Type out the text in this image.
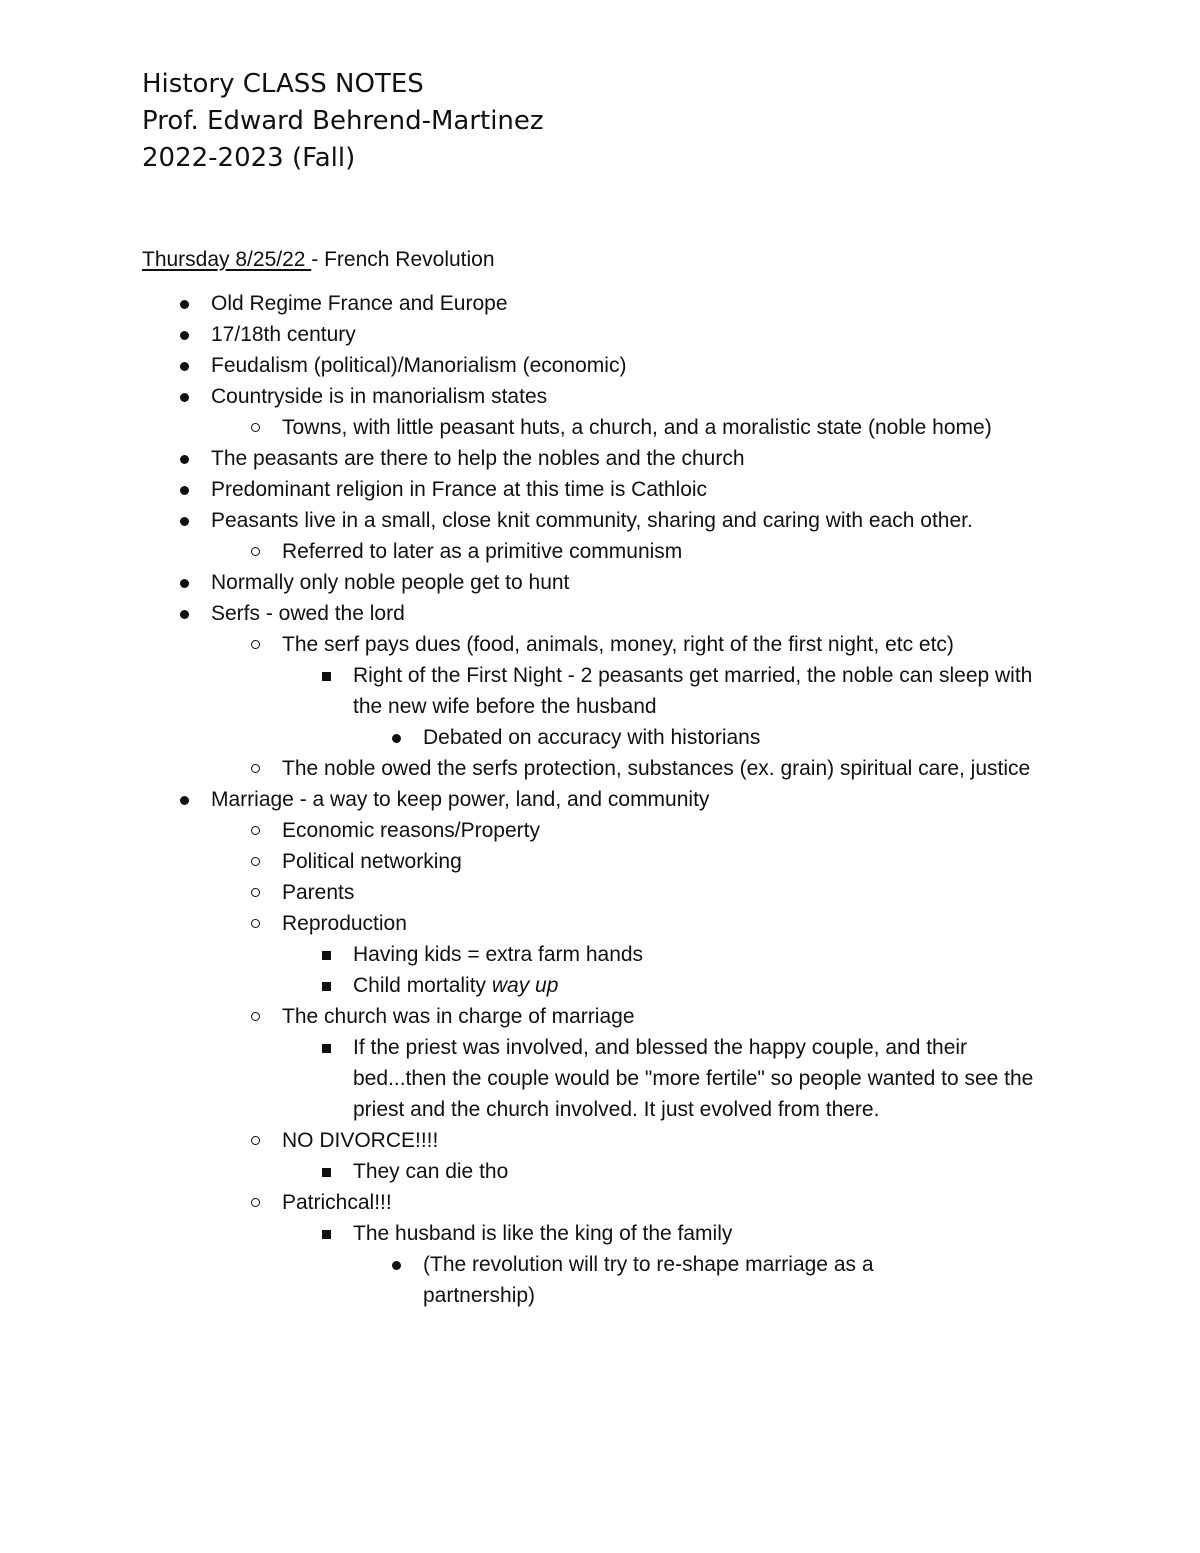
History CLASS NOTES
Prof. Edward Behrend-Martinez
2022-2023 (Fall)
Thursday 8/25/22 - French Revolution
Old Regime France and Europe
17/18th century
Feudalism (political)/Manorialism (economic)
Countryside is in manorialism states
Towns, with little peasant huts, a church, and a moralistic state (noble home)
The peasants are there to help the nobles and the church
Predominant religion in France at this time is Cathloic
Peasants live in a small, close knit community, sharing and caring with each other.
Referred to later as a primitive communism
Normally only noble people get to hunt
Serfs - owed the lord
The serf pays dues (food, animals, money, right of the first night, etc etc)
Right of the First Night - 2 peasants get married, the noble can sleep with the new wife before the husband
Debated on accuracy with historians
The noble owed the serfs protection, substances (ex. grain) spiritual care, justice
Marriage - a way to keep power, land, and community
Economic reasons/Property
Political networking
Parents
Reproduction
Having kids = extra farm hands
Child mortality way up
The church was in charge of marriage
If the priest was involved, and blessed the happy couple, and their bed...then the couple would be "more fertile" so people wanted to see the priest and the church involved. It just evolved from there.
NO DIVORCE!!!!
They can die tho
Patrichcal!!!
The husband is like the king of the family
(The revolution will try to re-shape marriage as a partnership)
